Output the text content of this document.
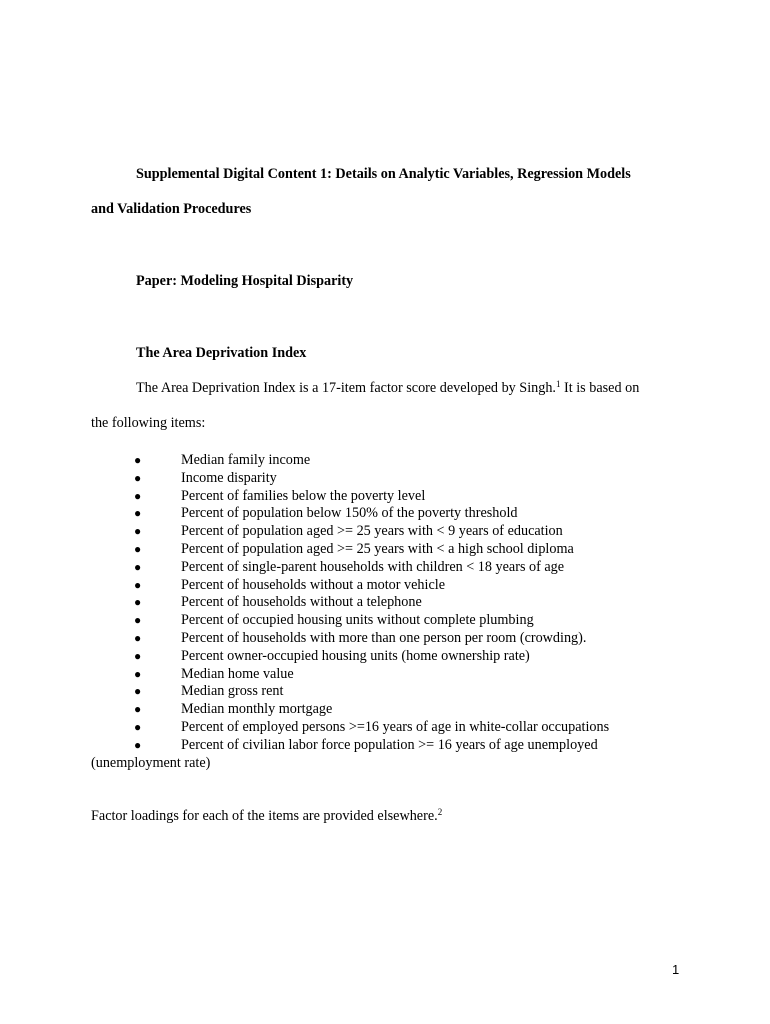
Supplemental Digital Content 1: Details on Analytic Variables, Regression Models
and Validation Procedures
Paper: Modeling Hospital Disparity
The Area Deprivation Index
The Area Deprivation Index is a 17-item factor score developed by Singh.$^1$ It is based on
the following items:
●	Median family income
●	Income disparity
●	Percent of families below the poverty level
●	Percent of population below 150% of the poverty threshold
●	Percent of population aged >= 25 years with < 9 years of education
●	Percent of population aged >= 25 years with < a high school diploma
●	Percent of single-parent households with children < 18 years of age
●	Percent of households without a motor vehicle
●	Percent of households without a telephone
●	Percent of occupied housing units without complete plumbing
●	Percent of households with more than one person per room (crowding).
●	Percent owner-occupied housing units (home ownership rate)
●	Median home value
●	Median gross rent
●	Median monthly mortgage
●	Percent of employed persons >=16 years of age in white-collar occupations
●	Percent of civilian labor force population >= 16 years of age unemployed
(unemployment rate)
Factor loadings for each of the items are provided elsewhere.$^2$
1
